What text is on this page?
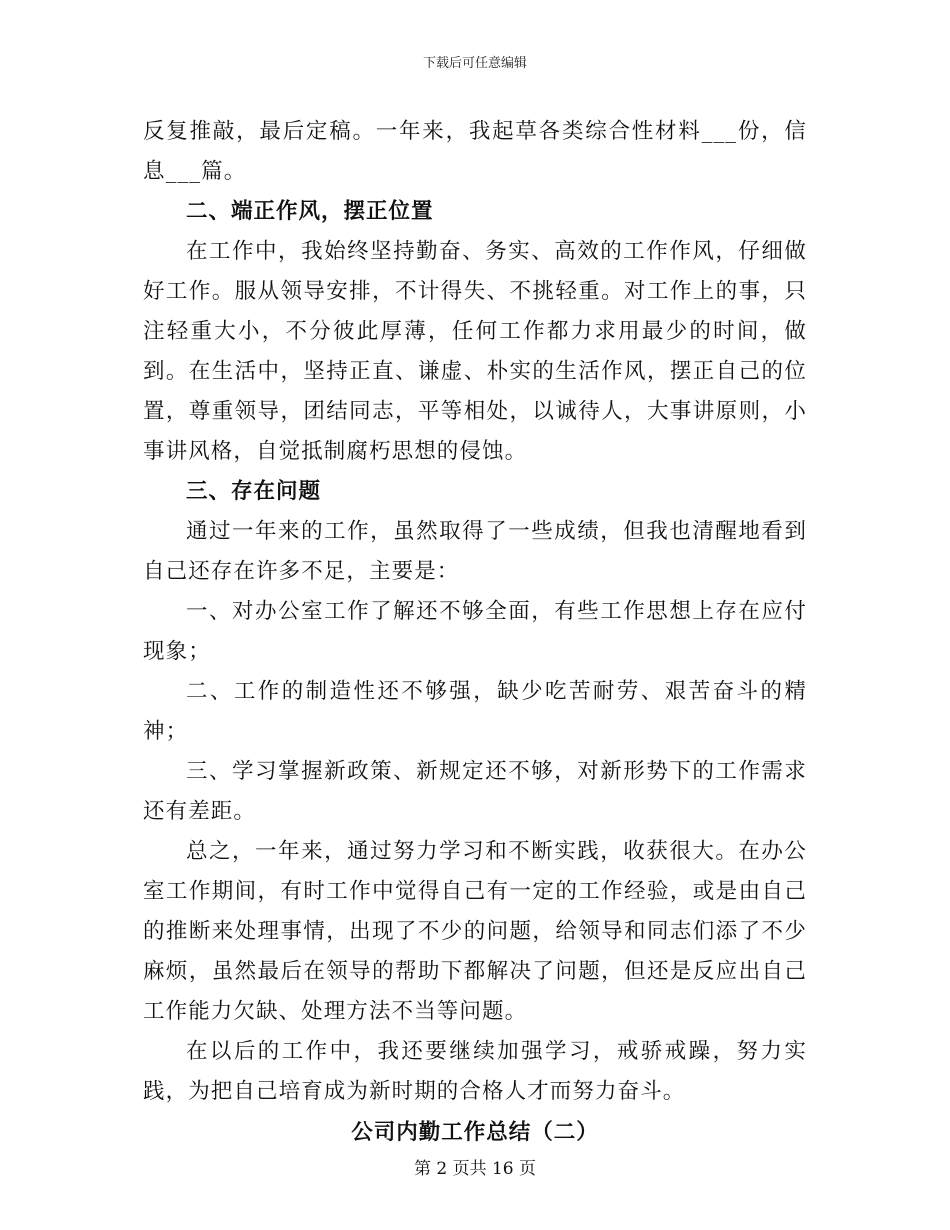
下载后可任意编辑

反复推敲，最后定稿。一年来，我起草各类综合性材料___份，信息___篇。

二、端正作风，摆正位置

在工作中，我始终坚持勤奋、务实、高效的工作作风，仔细做好工作。服从领导安排，不计得失、不挑轻重。对工作上的事，只注轻重大小，不分彼此厚薄，任何工作都力求用最少的时间，做到。在生活中，坚持正直、谦虚、朴实的生活作风，摆正自己的位置，尊重领导，团结同志，平等相处，以诚待人，大事讲原则，小事讲风格，自觉抵制腐朽思想的侵蚀。

三、存在问题

通过一年来的工作，虽然取得了一些成绩，但我也清醒地看到自己还存在许多不足，主要是：

一、对办公室工作了解还不够全面，有些工作思想上存在应付现象；

二、工作的制造性还不够强，缺少吃苦耐劳、艰苦奋斗的精神；

三、学习掌握新政策、新规定还不够，对新形势下的工作需求还有差距。

总之，一年来，通过努力学习和不断实践，收获很大。在办公室工作期间，有时工作中觉得自己有一定的工作经验，或是由自己的推断来处理事情，出现了不少的问题，给领导和同志们添了不少麻烦，虽然最后在领导的帮助下都解决了问题，但还是反应出自己工作能力欠缺、处理方法不当等问题。

在以后的工作中，我还要继续加强学习，戒骄戒躁，努力实践，为把自己培育成为新时期的合格人才而努力奋斗。

公司内勤工作总结（二）
第 2 页共 16 页
